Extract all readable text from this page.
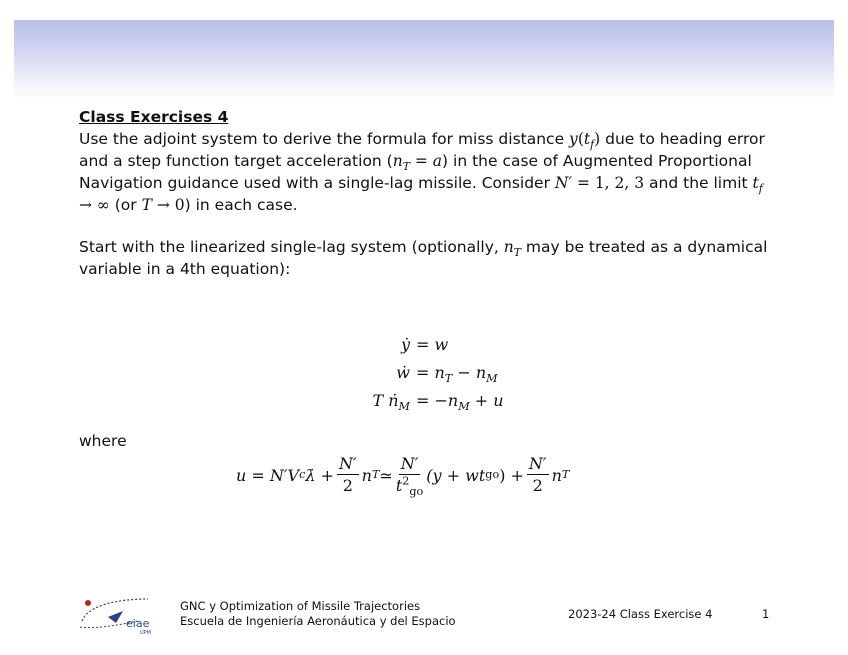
Class Exercises 4

Use the adjoint system to derive the formula for miss distance $y(t_f)$ due to heading error and a step function target acceleration $(n_T = a)$ in the case of Augmented Proportional Navigation guidance used with a single-lag missile. Consider N′ = 1, 2, 3 and the limit $t_f$ → ∞ (or T → 0) in each case.

Start with the linearized single-lag system (optionally, $n_T$ may be treated as a dynamical variable in a 4th equation):

ẏ = w
ẇ = $n_T - n_M$
T ṅ$_M$ = $-n_M + u$
where
u = N′V c λ̇ + $\frac{N'}{2}$ n T ≃ $\frac{N'}{t^2_{go}} (y$ + wt go ) + $\frac{N'}{2}$ n T
eiae
UPM
GNC y Optimization of Missile Trajectories
Escuela de Ingeniería Aeronáutica y del Espacio	2023-24 Class Exercise 4	1
